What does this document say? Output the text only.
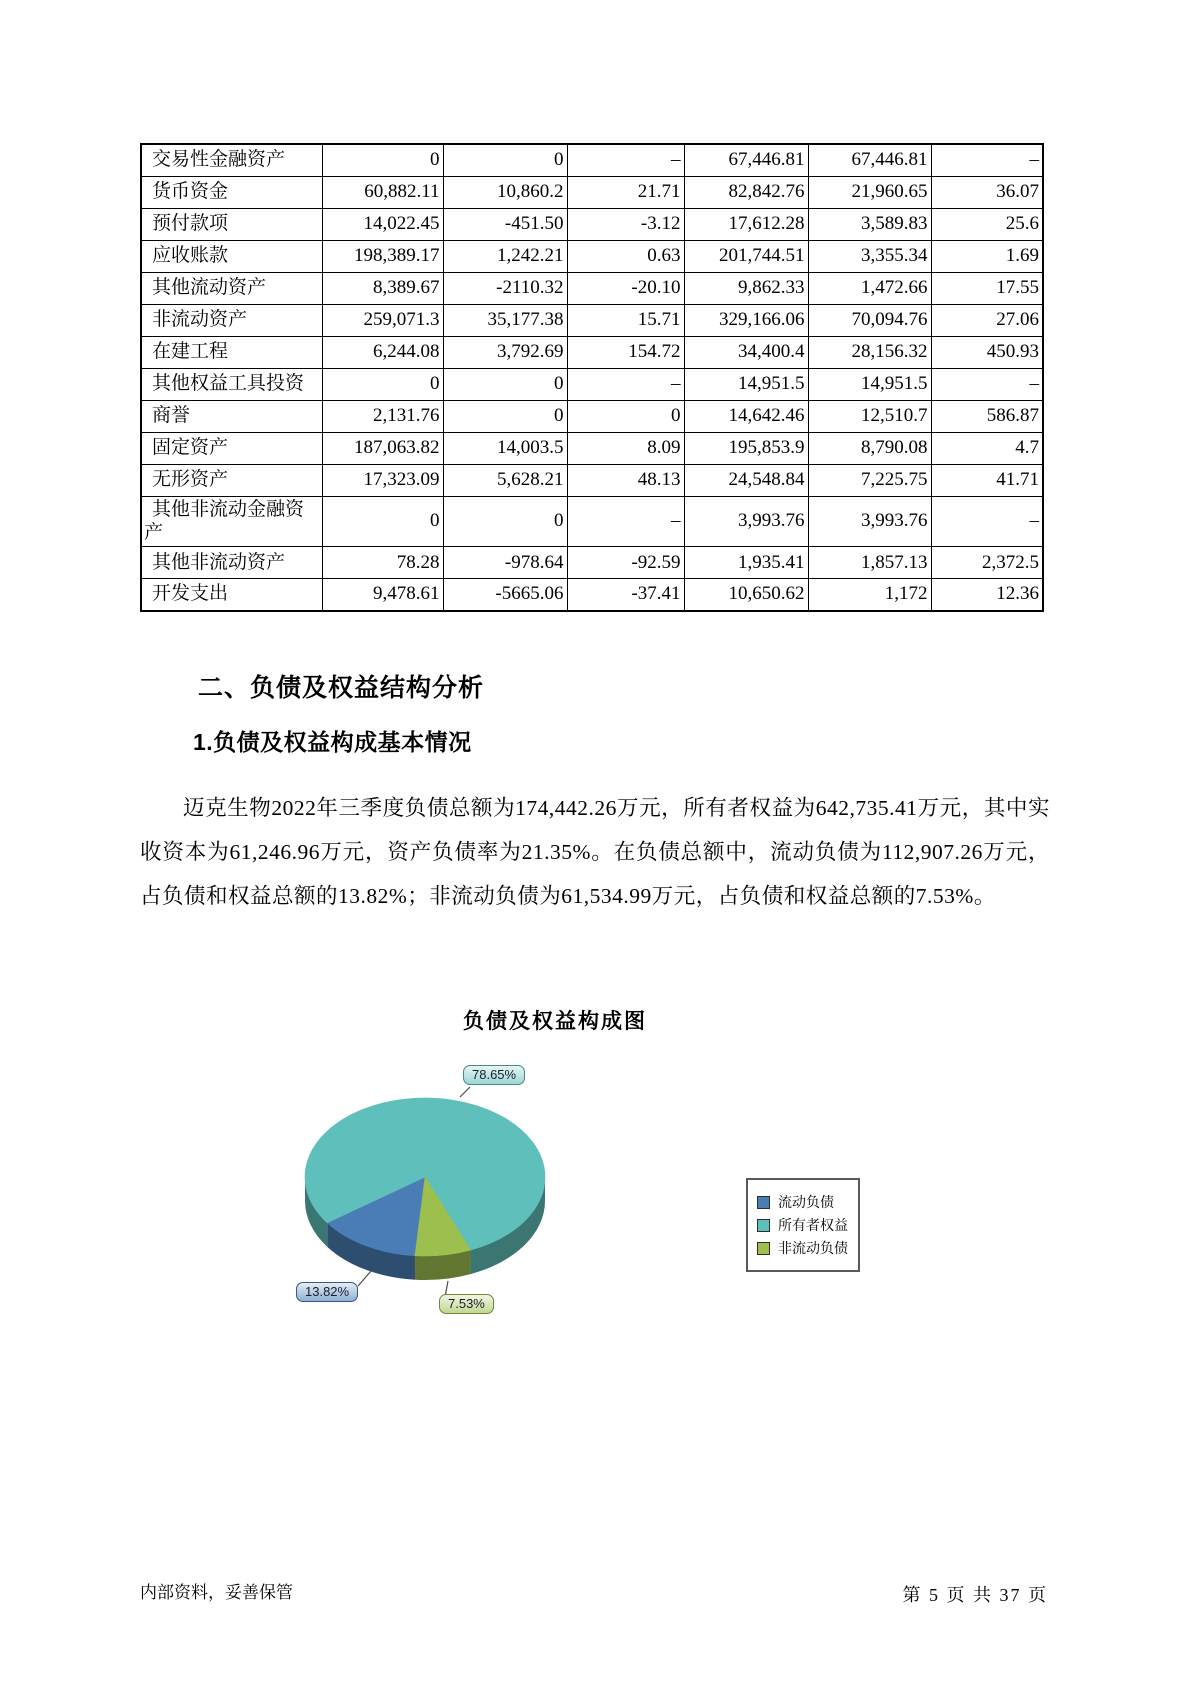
交易性金融资产	0	0	–	67,446.81	67,446.81	–
货币资金	60,882.11	10,860.2	21.71	82,842.76	21,960.65	36.07
预付款项	14,022.45	-451.50	-3.12	17,612.28	3,589.83	25.6
应收账款	198,389.17	1,242.21	0.63	201,744.51	3,355.34	1.69
其他流动资产	8,389.67	-2110.32	-20.10	9,862.33	1,472.66	17.55
非流动资产	259,071.3	35,177.38	15.71	329,166.06	70,094.76	27.06
在建工程	6,244.08	3,792.69	154.72	34,400.4	28,156.32	450.93
其他权益工具投资	0	0	–	14,951.5	14,951.5	–
商誉	2,131.76	0	0	14,642.46	12,510.7	586.87
固定资产	187,063.82	14,003.5	8.09	195,853.9	8,790.08	4.7
无形资产	17,323.09	5,628.21	48.13	24,548.84	7,225.75	41.71
其他非流动金融资产	0	0	–	3,993.76	3,993.76	–
其他非流动资产	78.28	-978.64	-92.59	1,935.41	1,857.13	2,372.5
开发支出	9,478.61	-5665.06	-37.41	10,650.62	1,172	12.36
二、负债及权益结构分析
1.负债及权益构成基本情况

迈克生物2022年三季度负债总额为174,442.26万元，所有者权益为642,735.41万元，其中实收资本为61,246.96万元，资产负债率为21.35%。在负债总额中，流动负债为112,907.26万元，占负债和权益总额的13.82%；非流动负债为61,534.99万元，占负债和权益总额的7.53%。

负债及权益构成图
13.82%
78.65%
7.53%
流动负债
所有者权益
非流动负债
内部资料，妥善保管	第 5 页 共 37 页
